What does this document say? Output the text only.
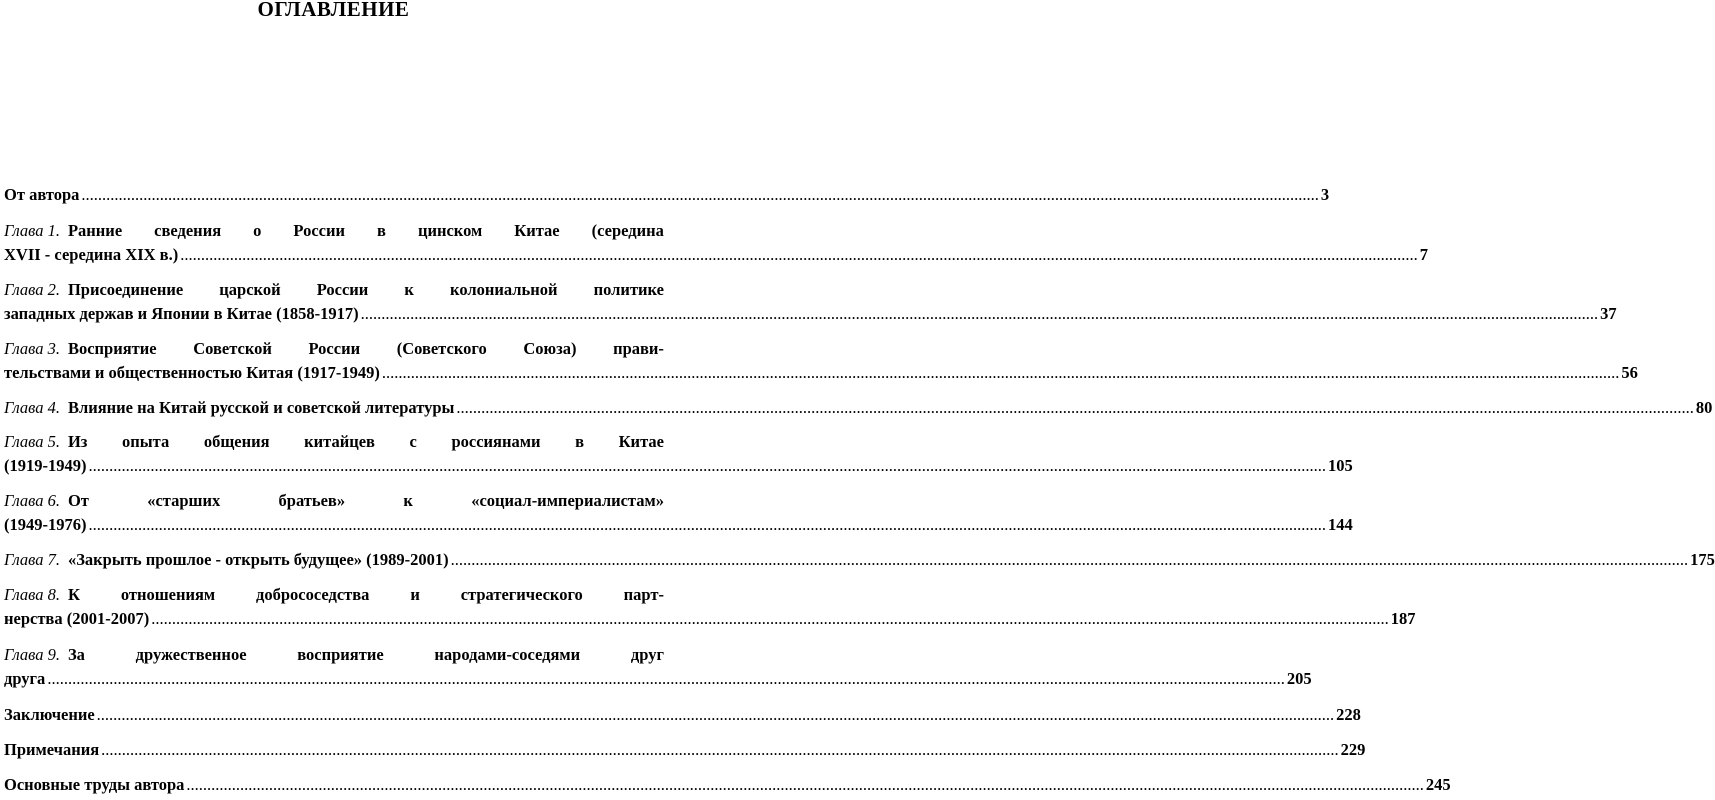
ОГЛАВЛЕНИЕ
От автора ............................................................................................................................................................................................................................................................................................................ 3
Глава 1. Ранние сведения о России в цинском Китае (середина
XVII - середина XIX в.) ............................................................................................................................................................................................................................................................................................................ 7
Глава 2. Присоединение царской России к колониальной политике
западных держав и Японии в Китае (1858-1917) ............................................................................................................................................................................................................................................................................................................ 37
Глава 3. Восприятие Советской России (Советского Союза) прави-
тельствами и общественностью Китая (1917-1949) ............................................................................................................................................................................................................................................................................................................ 56
Глава 4. Влияние на Китай русской и советской литературы ............................................................................................................................................................................................................................................................................................................ 80
Глава 5. Из опыта общения китайцев с россиянами в Китае
(1919-1949) ............................................................................................................................................................................................................................................................................................................ 105
Глава 6. От	«старших	братьев»	к	«социал-империалистам»
(1949-1976) ............................................................................................................................................................................................................................................................................................................ 144
Глава 7. «Закрыть прошлое - открыть будущее» (1989-2001) ............................................................................................................................................................................................................................................................................................................ 175
Глава 8. К отношениям добрососедства и стратегического парт-
нерства (2001-2007) ............................................................................................................................................................................................................................................................................................................ 187
Глава 9. За	дружественное	восприятие	народами-соседями	друг
друга ............................................................................................................................................................................................................................................................................................................ 205
Заключение ............................................................................................................................................................................................................................................................................................................ 228
Примечания ............................................................................................................................................................................................................................................................................................................ 229
Основные труды автора ............................................................................................................................................................................................................................................................................................................ 245
